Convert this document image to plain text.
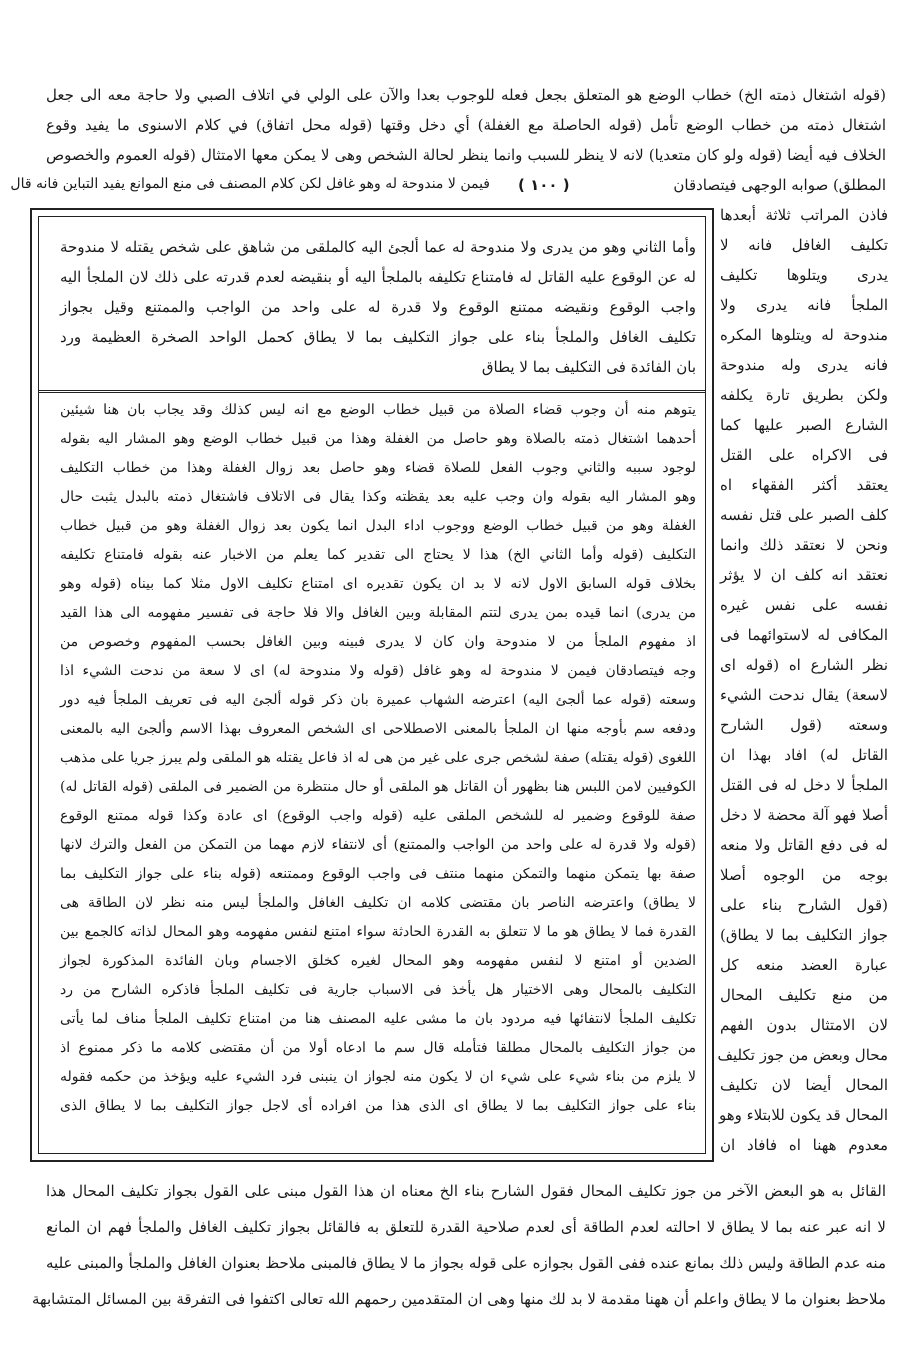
(قوله اشتغال ذمته الخ) خطاب الوضع هو المتعلق بجعل فعله للوجوب بعدا والآن على الولي في اتلاف الصبي ولا حاجة معه الى جعل
اشتغال ذمته من خطاب الوضع تأمل (قوله الحاصلة مع الغفلة) أي دخل وقتها (قوله محل اتفاق) في كلام الاسنوى ما يفيد وقوع
الخلاف فيه أيضا (قوله ولو كان متعديا) لانه لا ينظر للسبب وانما ينظر لحالة الشخص وهى لا يمكن معها الامتثال (قوله العموم والخصوص
المطلق) صوابه الوجهى فيتصادقان
( ١٠٠ )
فيمن لا مندوحة له وهو غافل لكن كلام المصنف فى منع الموانع يفيد التباين فانه قال
فاذن المراتب ثلاثة أبعدها
تكليف الغافل فانه لا
يدرى ويتلوها تكليف
الملجأ فانه يدرى ولا
مندوحة له ويتلوها المكره
فانه يدرى وله مندوحة
ولكن بطريق تارة يكلفه
الشارع الصبر عليها كما
فى الاكراه على القتل
يعتقد أكثر الفقهاء اه
كلف الصبر على قتل نفسه
ونحن لا نعتقد ذلك وانما
نعتقد انه كلف ان لا يؤثر
نفسه على نفس غيره
المكافى له لاستوائهما فى
نظر الشارع اه (قوله اى
لاسعة) يقال ندحت الشيء
وسعته (قول الشارح
القاتل له) افاد بهذا ان
الملجأ لا دخل له فى القتل
أصلا فهو آلة محضة لا دخل
له فى دفع القاتل ولا منعه
بوجه من الوجوه أصلا
(قول الشارح بناء على
جواز التكليف بما لا يطاق)
عبارة العضد منعه كل
من منع تكليف المحال
لان الامتثال بدون الفهم
محال وبعض من جوز تكليف
المحال أيضا لان تكليف
المحال قد يكون للابتلاء وهو
معدوم ههنا اه فافاد ان
وأما الثاني وهو من يدرى ولا مندوحة له عما ألجئ اليه كالملقى من شاهق على شخص يقتله لا مندوحة
له عن الوقوع عليه القاتل له فامتناع تكليفه بالملجأ اليه أو بنقيضه لعدم قدرته على ذلك لان الملجأ اليه
واجب الوقوع ونقيضه ممتنع الوقوع ولا قدرة له على واحد من الواجب والممتنع وقيل بجواز
تكليف الغافل والملجأ بناء على جواز التكليف بما لا يطاق كحمل الواحد الصخرة العظيمة ورد
بان الفائدة فى التكليف بما لا يطاق
يتوهم منه أن وجوب قضاء الصلاة من قبيل خطاب الوضع مع انه ليس كذلك وقد يجاب بان هنا شيئين
أحدهما اشتغال ذمته بالصلاة وهو حاصل من الغفلة وهذا من قبيل خطاب الوضع وهو المشار اليه بقوله
لوجود سببه والثاني وجوب الفعل للصلاة قضاء وهو حاصل بعد زوال الغفلة وهذا من خطاب التكليف
وهو المشار اليه بقوله وان وجب عليه بعد يقظته وكذا يقال فى الاتلاف فاشتغال ذمته بالبدل يثبت حال
الغفلة وهو من قبيل خطاب الوضع ووجوب اداء البدل انما يكون بعد زوال الغفلة وهو من قبيل خطاب
التكليف (قوله وأما الثاني الخ) هذا لا يحتاج الى تقدير كما يعلم من الاخبار عنه بقوله فامتناع تكليفه
بخلاف قوله السابق الاول لانه لا بد ان يكون تقديره اى امتناع تكليف الاول مثلا كما بيناه (قوله وهو
من يدرى) انما قيده بمن يدرى لتتم المقابلة وبين الغافل والا فلا حاجة فى تفسير مفهومه الى هذا القيد
اذ مفهوم الملجأ من لا مندوحة وان كان لا يدرى فبينه وبين الغافل بحسب المفهوم وخصوص من
وجه فيتصادقان فيمن لا مندوحة له وهو غافل (قوله ولا مندوحة له) اى لا سعة من ندحت الشيء اذا
وسعته (قوله عما ألجئ اليه) اعترضه الشهاب عميرة بان ذكر قوله ألجئ اليه فى تعريف الملجأ فيه دور
ودفعه سم بأوجه منها ان الملجأ بالمعنى الاصطلاحى اى الشخص المعروف بهذا الاسم وألجئ اليه بالمعنى
اللغوى (قوله يقتله) صفة لشخص جرى على غير من هى له اذ فاعل يقتله هو الملقى ولم يبرز جريا على مذهب
الكوفيين لامن اللبس هنا بظهور أن القاتل هو الملقى أو حال منتظرة من الضمير فى الملقى (قوله القاتل له)
صفة للوقوع وضمير له للشخص الملقى عليه (قوله واجب الوقوع) اى عادة وكذا قوله ممتنع الوقوع
(قوله ولا قدرة له على واحد من الواجب والممتنع) أى لانتفاء لازم مهما من التمكن من الفعل والترك لانها
صفة بها يتمكن منهما والتمكن منهما منتف فى واجب الوقوع وممتنعه (قوله بناء على جواز التكليف بما
لا يطاق) واعترضه الناصر بان مقتضى كلامه ان تكليف الغافل والملجأ ليس منه نظر لان الطاقة هى
القدرة فما لا يطاق هو ما لا تتعلق به القدرة الحادثة سواء امتنع لنفس مفهومه وهو المحال لذاته كالجمع بين
الضدين أو امتنع لا لنفس مفهومه وهو المحال لغيره كخلق الاجسام وبان الفائدة المذكورة لجواز
التكليف بالمحال وهى الاختيار هل يأخذ فى الاسباب جارية فى تكليف الملجأ فاذكره الشارح من رد
تكليف الملجأ لانتفائها فيه مردود بان ما مشى عليه المصنف هنا من امتناع تكليف الملجأ مناف لما يأتى
من جواز التكليف بالمحال مطلقا فتأمله قال سم ما ادعاه أولا من أن مقتضى كلامه ما ذكر ممنوع اذ
لا يلزم من بناء شيء على شيء ان لا يكون منه لجواز ان ينبنى فرد الشيء عليه ويؤخذ من حكمه فقوله
بناء على جواز التكليف بما لا يطاق اى الذى هذا من افراده أى لاجل جواز التكليف بما لا يطاق الذى
القائل به هو البعض الآخر من جوز تكليف المحال فقول الشارح بناء الخ معناه ان هذا القول مبنى على القول بجواز تكليف المحال هذا
لا انه عبر عنه بما لا يطاق لا احالته لعدم الطاقة أى لعدم صلاحية القدرة للتعلق به فالقائل بجواز تكليف الغافل والملجأ فهم ان المانع
منه عدم الطاقة وليس ذلك بمانع عنده ففى القول بجوازه على قوله بجواز ما لا يطاق فالمبنى ملاحظ بعنوان الغافل والملجأ والمبنى عليه
ملاحظ بعنوان ما لا يطاق واعلم أن ههنا مقدمة لا بد لك منها وهى ان المتقدمين رحمهم الله تعالى اكتفوا فى التفرقة بين المسائل المتشابهة
